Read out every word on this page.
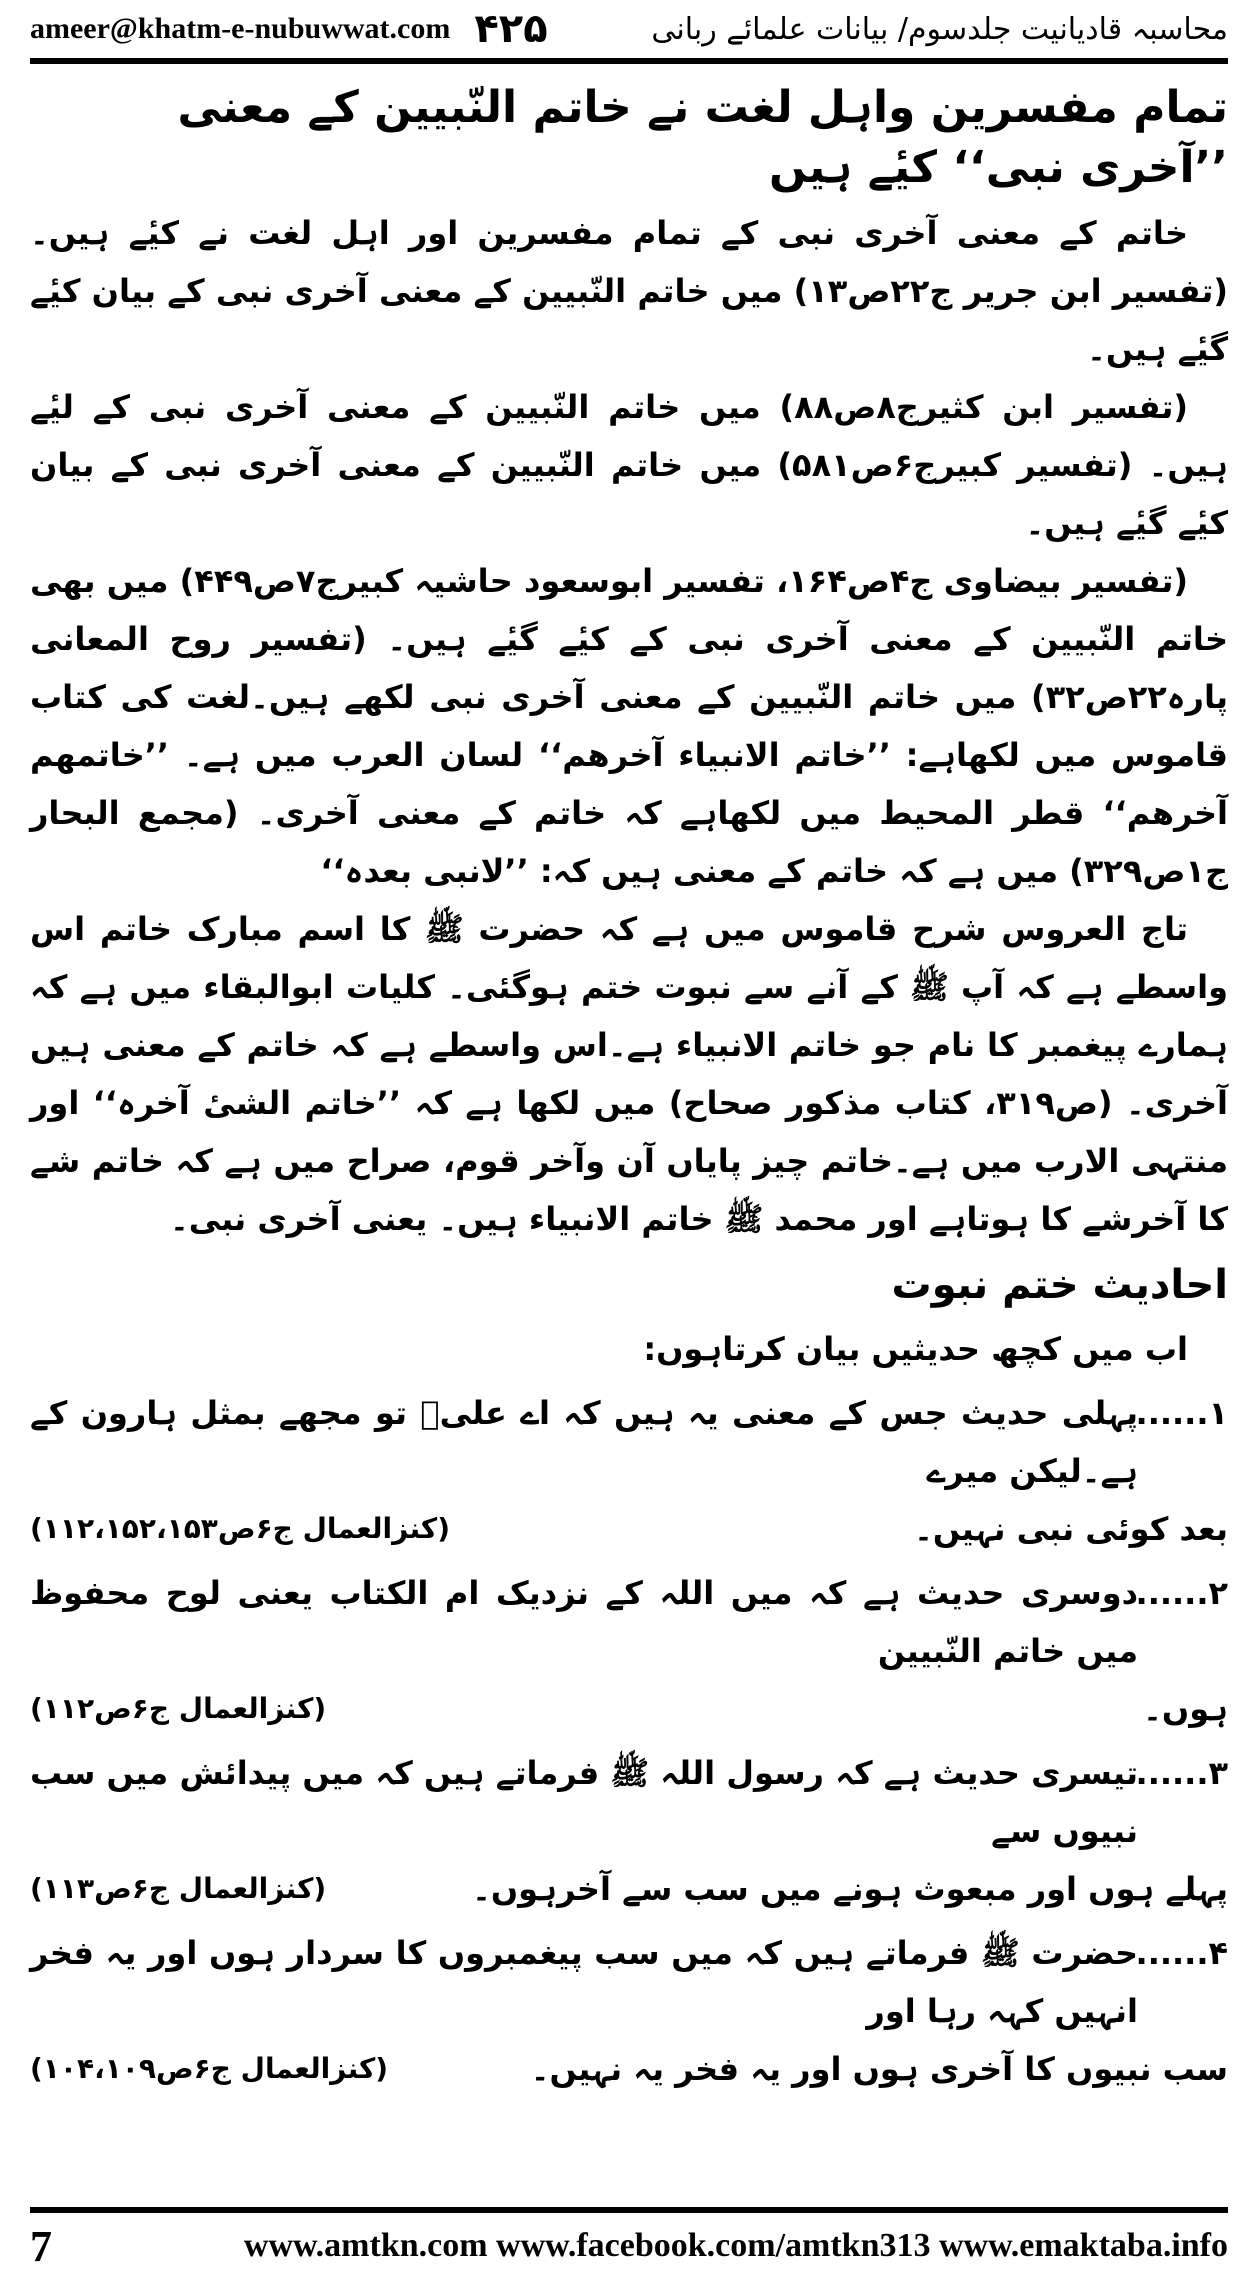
ameer@khatm-e-nubuwwat.com ۴۲۵	محاسبہ قادیانیت جلدسوم/ بیانات علمائے ربانی
تمام مفسرین واہل لغت نے خاتم النّبیین کے معنی ’’آخری نبی‘‘ کیٔے ہیں

خاتم کے معنی آخری نبی کے تمام مفسرین اور اہل لغت نے کیٔے ہیں۔ (تفسیر ابن جریر ج۲۲ص۱۳) میں خاتم النّبیین کے معنی آخری نبی کے بیان کیٔے گیٔے ہیں۔

(تفسیر ابن کثیرج۸ص۸۸) میں خاتم النّبیین کے معنی آخری نبی کے لیٔے ہیں۔ (تفسیر کبیرج۶ص۵۸۱) میں خاتم النّبیین کے معنی آخری نبی کے بیان کیٔے گیٔے ہیں۔

(تفسیر بیضاوی ج۴ص۱۶۴، تفسیر ابوسعود حاشیہ کبیرج۷ص۴۴۹) میں بھی خاتم النّبیین کے معنی آخری نبی کے کیٔے گیٔے ہیں۔ (تفسیر روح المعانی پارہ۲۲ص۳۲) میں خاتم النّبیین کے معنی آخری نبی لکھے ہیں۔لغت کی کتاب قاموس میں لکھاہے: ’’خاتم الانبیاء آخرھم‘‘ لسان العرب میں ہے۔ ’’خاتمھم آخرھم‘‘ قطر المحیط میں لکھاہے کہ خاتم کے معنی آخری۔ (مجمع البحار ج۱ص۳۲۹) میں ہے کہ خاتم کے معنی ہیں کہ: ’’لانبی بعدہ‘‘

تاج العروس شرح قاموس میں ہے کہ حضرت ﷺ کا اسم مبارک خاتم اس واسطے ہے کہ آپ ﷺ کے آنے سے نبوت ختم ہوگئی۔ کلیات ابوالبقاء میں ہے کہ ہمارے پیغمبر کا نام جو خاتم الانبیاء ہے۔اس واسطے ہے کہ خاتم کے معنی ہیں آخری۔ (ص۳۱۹، کتاب مذکور صحاح) میں لکھا ہے کہ ’’خاتم الشیٔ آخرہ‘‘ اور منتہی الارب میں ہے۔خاتم چیز پایاں آن وآخر قوم، صراح میں ہے کہ خاتم شے کا آخرشے کا ہوتاہے اور محمد ﷺ خاتم الانبیاء ہیں۔ یعنی آخری نبی۔

احادیث ختم نبوت

اب میں کچھ حدیثیں بیان کرتاہوں:

۱......
پہلی حدیث جس کے معنی یہ ہیں کہ اے علیؓ تو مجھے بمثل ہارون کے ہے۔لیکن میرے
بعد کوئی نبی نہیں۔
(کنزالعمال ج۶ص۱۱۲،۱۵۲،۱۵۳)
۲......
دوسری حدیث ہے کہ میں اللہ کے نزدیک ام الکتاب یعنی لوح محفوظ میں خاتم النّبیین
ہوں۔
(کنزالعمال ج۶ص۱۱۲)
۳......
تیسری حدیث ہے کہ رسول اللہ ﷺ فرماتے ہیں کہ میں پیدائش میں سب نبیوں سے
پہلے ہوں اور مبعوث ہونے میں سب سے آخرہوں۔
(کنزالعمال ج۶ص۱۱۳)
۴......
حضرت ﷺ فرماتے ہیں کہ میں سب پیغمبروں کا سردار ہوں اور یہ فخر انہیں کہہ رہا اور
سب نبیوں کا آخری ہوں اور یہ فخر یہ نہیں۔
(کنزالعمال ج۶ص۱۰۴،۱۰۹)
7	www.amtkn.com www.facebook.com/amtkn313 www.emaktaba.info
